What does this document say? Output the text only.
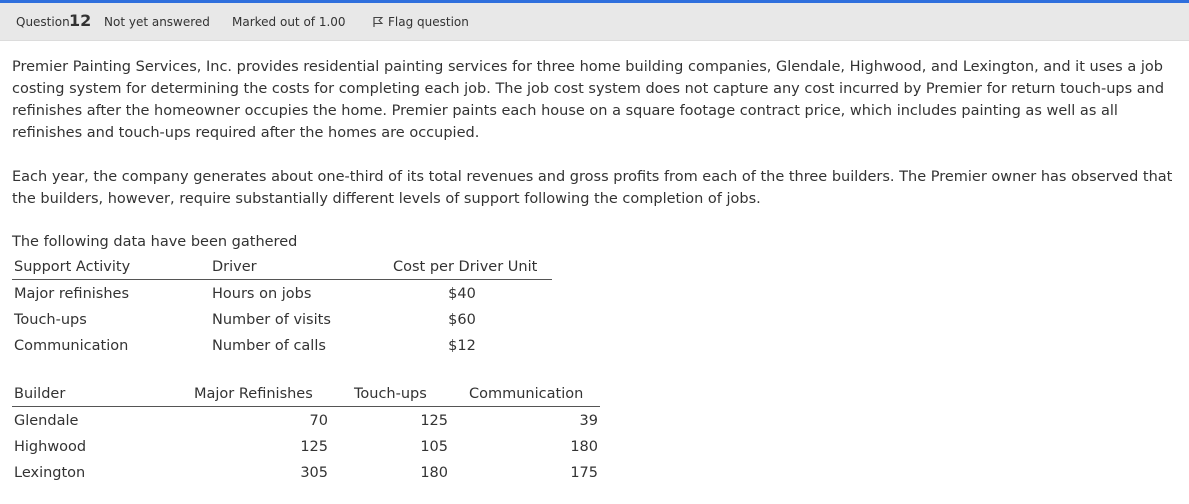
Question 12 Not yet answered Marked out of 1.00	Flag question

Premier Painting Services, Inc. provides residential painting services for three home building companies, Glendale, Highwood, and Lexington, and it uses a job costing system for determining the costs for completing each job. The job cost system does not capture any cost incurred by Premier for return touch-ups and refinishes after the homeowner occupies the home. Premier paints each house on a square footage contract price, which includes painting as well as all refinishes and touch-ups required after the homes are occupied.

Each year, the company generates about one-third of its total revenues and gross profits from each of the three builders. The Premier owner has observed that the builders, however, require substantially different levels of support following the completion of jobs.

The following data have been gathered
Support Activity	Driver	Cost per Driver Unit
Major refinishes	Hours on jobs	$40
Touch-ups	Number of visits	$60
Communication	Number of calls	$12
Builder	Major Refinishes	Touch-ups	Communication
Glendale	70	125	39
Highwood	125	105	180
Lexington	305	180	175
